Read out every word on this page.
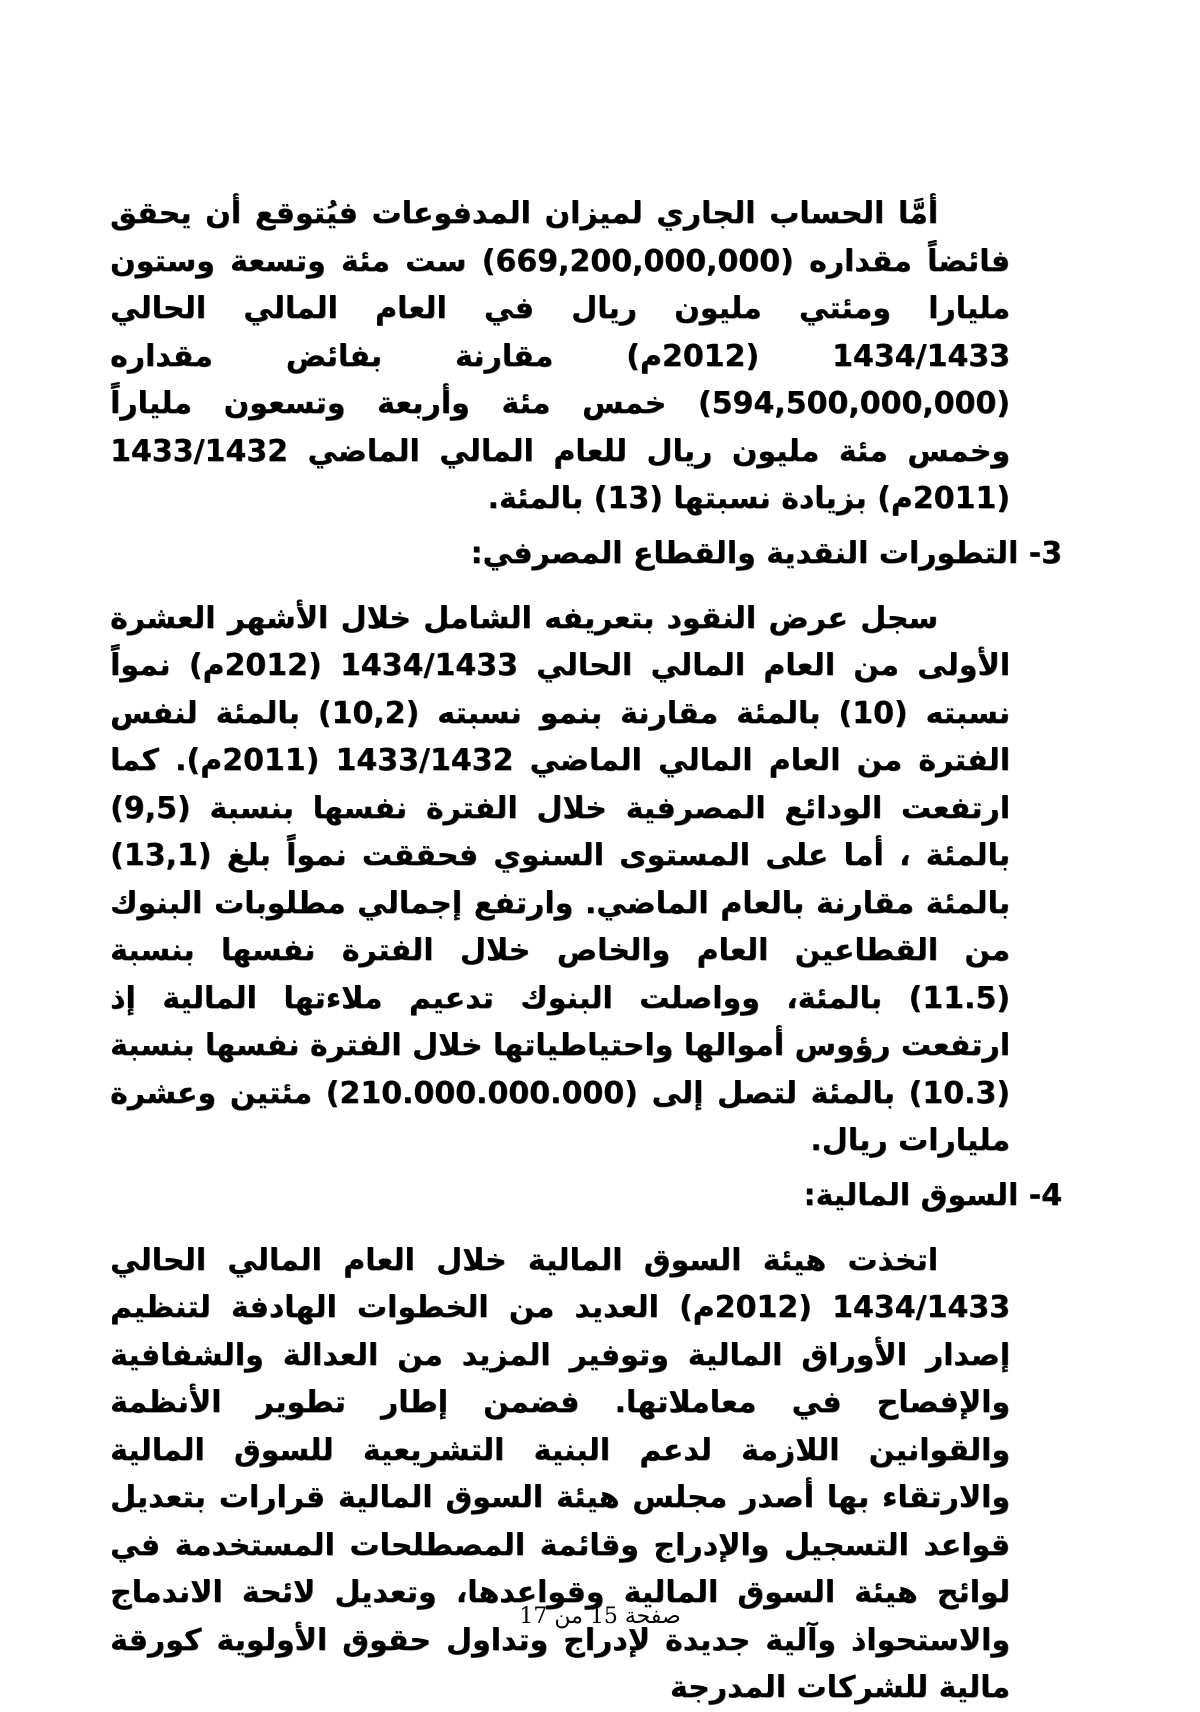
أمَّا الحساب الجاري لميزان المدفوعات فيُتوقع أن يحقق فائضاً مقداره (669,200,000,000) ست مئة وتسعة وستون مليارا ومئتي مليون ريال في العام المالي الحالي 1434/1433 (2012م) مقارنة بفائض مقداره (594,500,000,000) خمس مئة وأربعة وتسعون ملياراً وخمس مئة مليون ريال للعام المالي الماضي 1433/1432 (2011م) بزيادة نسبتها (13) بالمئة.

3- التطورات النقدية والقطاع المصرفي:

سجل عرض النقود بتعريفه الشامل خلال الأشهر العشرة الأولى من العام المالي الحالي 1434/1433 (2012م) نمواً نسبته (10) بالمئة مقارنة بنمو نسبته (10,2) بالمئة لنفس الفترة من العام المالي الماضي 1433/1432 (2011م). كما ارتفعت الودائع المصرفية خلال الفترة نفسها بنسبة (9,5) بالمئة ، أما على المستوى السنوي فحققت نمواً بلغ (13,1) بالمئة مقارنة بالعام الماضي. وارتفع إجمالي مطلوبات البنوك من القطاعين العام والخاص خلال الفترة نفسها بنسبة (11.5) بالمئة، وواصلت البنوك تدعيم ملاءتها المالية إذ ارتفعت رؤوس أموالها واحتياطياتها خلال الفترة نفسها بنسبة (10.3) بالمئة لتصل إلى (210.000.000.000) مئتين وعشرة مليارات ريال.

4- السوق المالية:

اتخذت هيئة السوق المالية خلال العام المالي الحالي 1434/1433 (2012م) العديد من الخطوات الهادفة لتنظيم إصدار الأوراق المالية وتوفير المزيد من العدالة والشفافية والإفصاح في معاملاتها. فضمن إطار تطوير الأنظمة والقوانين اللازمة لدعم البنية التشريعية للسوق المالية والارتقاء بها أصدر مجلس هيئة السوق المالية قرارات بتعديل قواعد التسجيل والإدراج وقائمة المصطلحات المستخدمة في لوائح هيئة السوق المالية وقواعدها، وتعديل لائحة الاندماج والاستحواذ وآلية جديدة لإدراج وتداول حقوق الأولوية كورقة مالية للشركات المدرجة

صفحة 15 من 17
